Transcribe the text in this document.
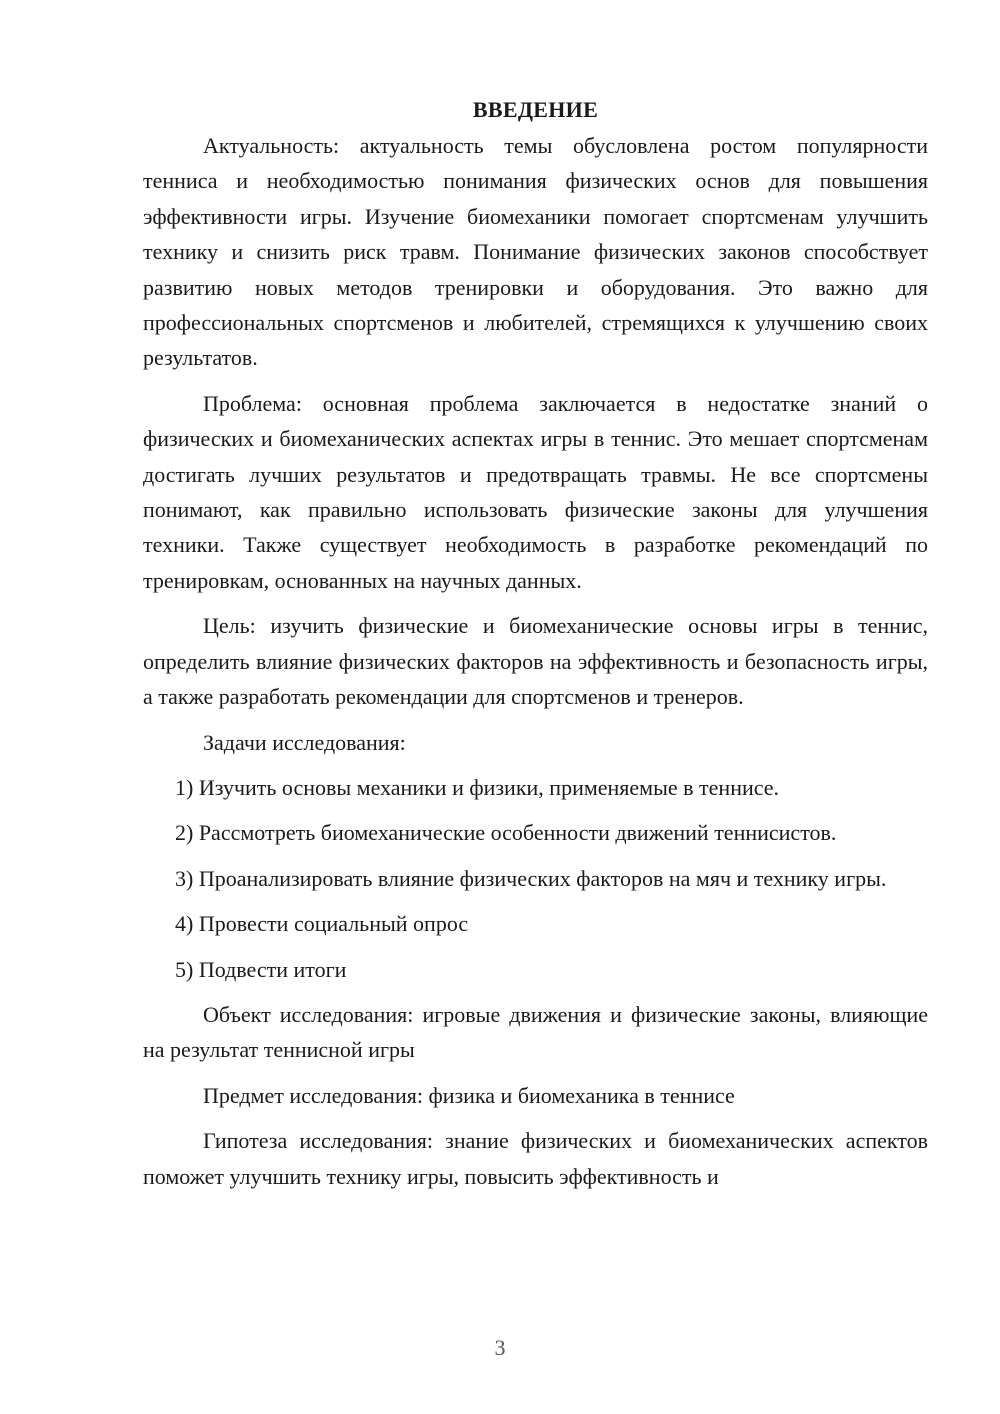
ВВЕДЕНИЕ

Актуальность: актуальность темы обусловлена ростом популярности тенниса и необходимостью понимания физических основ для повышения эффективности игры. Изучение биомеханики помогает спортсменам улучшить технику и снизить риск травм. Понимание физических законов способствует развитию новых методов тренировки и оборудования. Это важно для профессиональных спортсменов и любителей, стремящихся к улучшению своих результатов.

Проблема: основная проблема заключается в недостатке знаний о физических и биомеханических аспектах игры в теннис. Это мешает спортсменам достигать лучших результатов и предотвращать травмы. Не все спортсмены понимают, как правильно использовать физические законы для улучшения техники. Также существует необходимость в разработке рекомендаций по тренировкам, основанных на научных данных.

Цель: изучить физические и биомеханические основы игры в теннис, определить влияние физических факторов на эффективность и безопасность игры, а также разработать рекомендации для спортсменов и тренеров.

Задачи исследования:

1) Изучить основы механики и физики, применяемые в теннисе.

2) Рассмотреть биомеханические особенности движений теннисистов.

3) Проанализировать влияние физических факторов на мяч и технику игры.

4) Провести социальный опрос

5) Подвести итоги

Объект исследования: игровые движения и физические законы, влияющие на результат теннисной игры

Предмет исследования: физика и биомеханика в теннисе

Гипотеза исследования: знание физических и биомеханических аспектов поможет улучшить технику игры, повысить эффективность и

3
